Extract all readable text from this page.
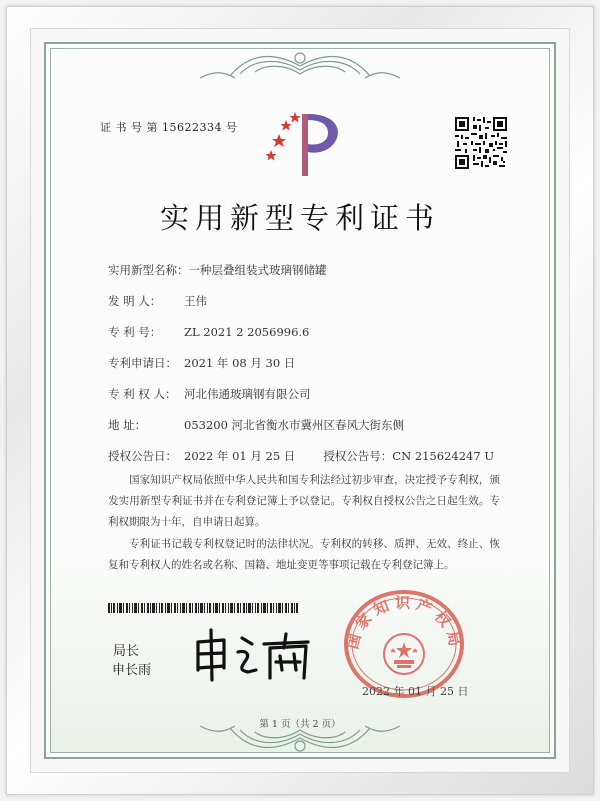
证 书 号 第 15622334 号
实用新型专利证书
实用新型名称：一种层叠组装式玻璃钢储罐
发 明 人： 王伟
专 利 号： ZL 2021 2 2056996.6
专利申请日： 2021 年 08 月 30 日
专 利 权 人： 河北伟通玻璃钢有限公司
地 址：	053200 河北省衡水市冀州区春风大街东侧
授权公告日： 2022 年 01 月 25 日 授权公告号：CN 215624247 U
国家知识产权局依照中华人民共和国专利法经过初步审查，决定授予专利权，颁发实用新型专利证书并在专利登记簿上予以登记。专利权自授权公告之日起生效。专利权期限为十年，自申请日起算。
专利证书记载专利权登记时的法律状况。专利权的转移、质押、无效、终止、恢复和专利权人的姓名或名称、国籍、地址变更等事项记载在专利登记簿上。
局长
申长雨
国家知识产权局
2022 年 01 月 25 日
第 1 页（共 2 页）
